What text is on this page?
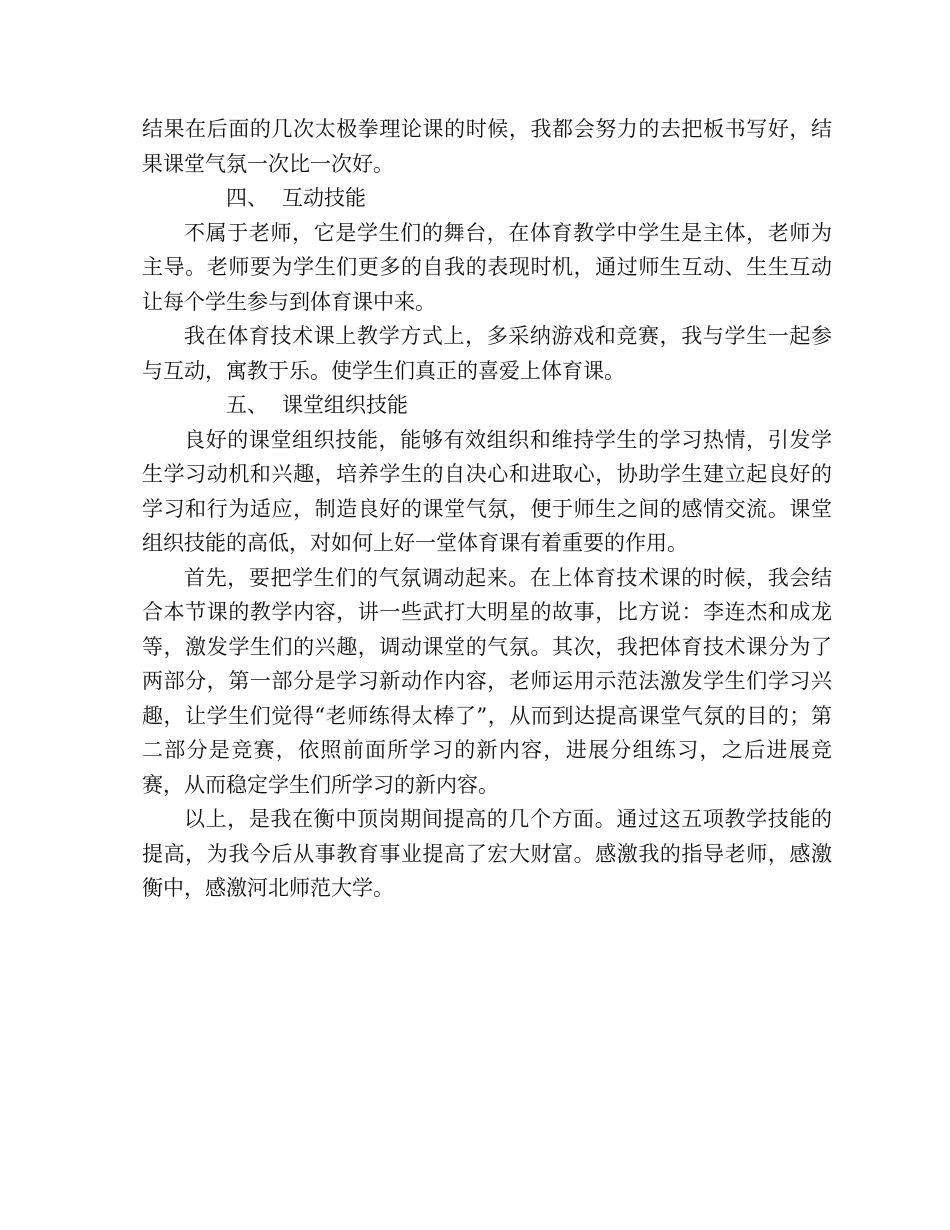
结果在后面的几次太极拳理论课的时候，我都会努力的去把板书写好，结果课堂气氛一次比一次好。

四、 互动技能

不属于老师，它是学生们的舞台，在体育教学中学生是主体，老师为主导。老师要为学生们更多的自我的表现时机，通过师生互动、生生互动让每个学生参与到体育课中来。

我在体育技术课上教学方式上，多采纳游戏和竞赛，我与学生一起参与互动，寓教于乐。使学生们真正的喜爱上体育课。

五、 课堂组织技能

良好的课堂组织技能，能够有效组织和维持学生的学习热情，引发学生学习动机和兴趣，培养学生的自决心和进取心，协助学生建立起良好的学习和行为适应，制造良好的课堂气氛，便于师生之间的感情交流。课堂组织技能的高低，对如何上好一堂体育课有着重要的作用。

首先，要把学生们的气氛调动起来。在上体育技术课的时候，我会结合本节课的教学内容，讲一些武打大明星的故事，比方说：李连杰和成龙等，激发学生们的兴趣，调动课堂的气氛。其次，我把体育技术课分为了两部分，第一部分是学习新动作内容，老师运用示范法激发学生们学习兴趣，让学生们觉得“老师练得太棒了”，从而到达提高课堂气氛的目的；第二部分是竞赛，依照前面所学习的新内容，进展分组练习，之后进展竞赛，从而稳定学生们所学习的新内容。

以上，是我在衡中顶岗期间提高的几个方面。通过这五项教学技能的提高，为我今后从事教育事业提高了宏大财富。感激我的指导老师，感激衡中，感激河北师范大学。
